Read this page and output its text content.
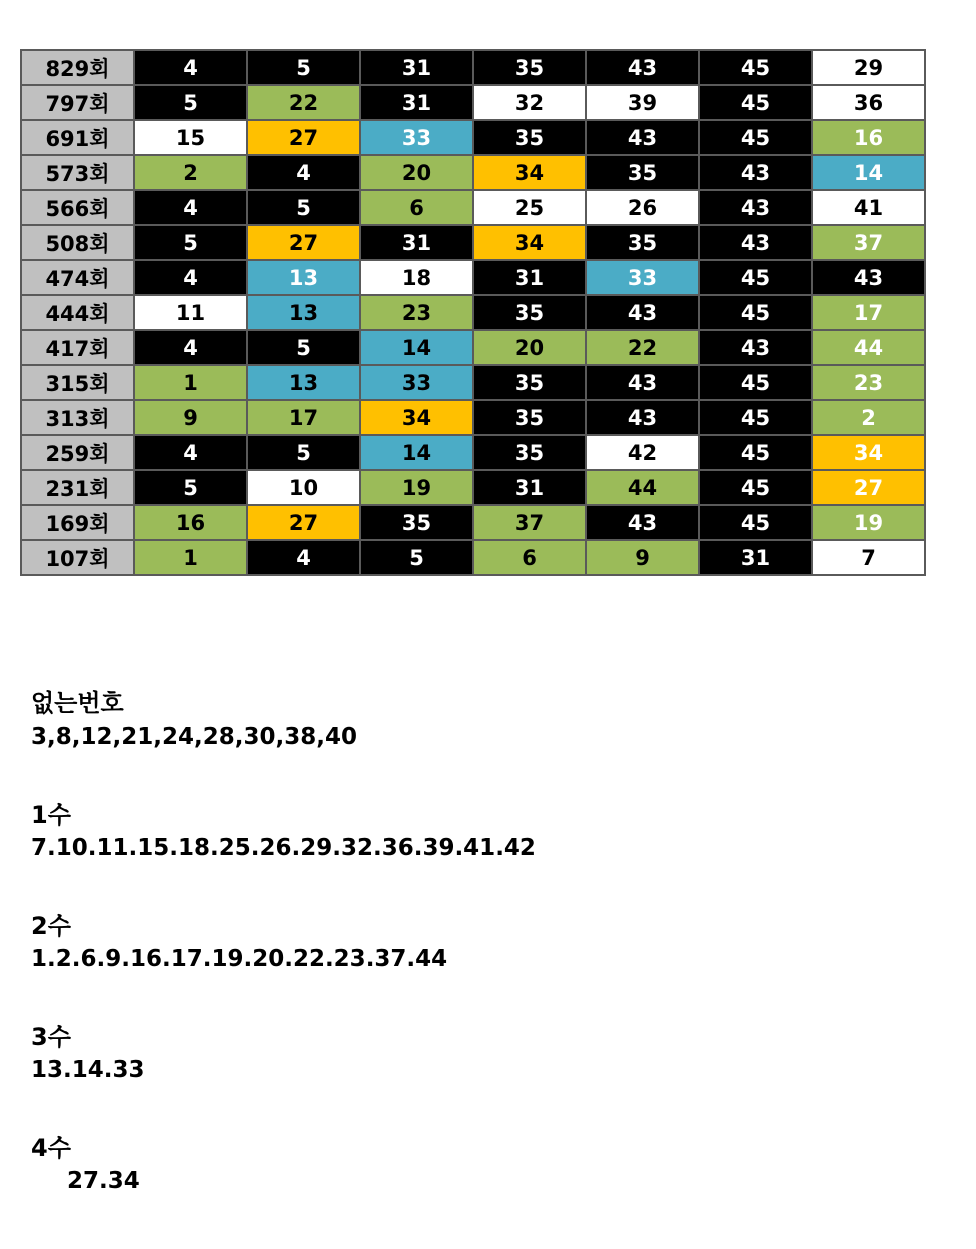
829회	4	5	31	35	43	45	29
797회	5	22	31	32	39	45	36
691회	15	27	33	35	43	45	16
573회	2	4	20	34	35	43	14
566회	4	5	6	25	26	43	41
508회	5	27	31	34	35	43	37
474회	4	13	18	31	33	45	43
444회	11	13	23	35	43	45	17
417회	4	5	14	20	22	43	44
315회	1	13	33	35	43	45	23
313회	9	17	34	35	43	45	2
259회	4	5	14	35	42	45	34
231회	5	10	19	31	44	45	27
169회	16	27	35	37	43	45	19
107회	1	4	5	6	9	31	7
없는번호
3,8,12,21,24,28,30,38,40
1수
7.10.11.15.18.25.26.29.32.36.39.41.42
2수
1.2.6.9.16.17.19.20.22.23.37.44
3수
13.14.33
4수
27.34
